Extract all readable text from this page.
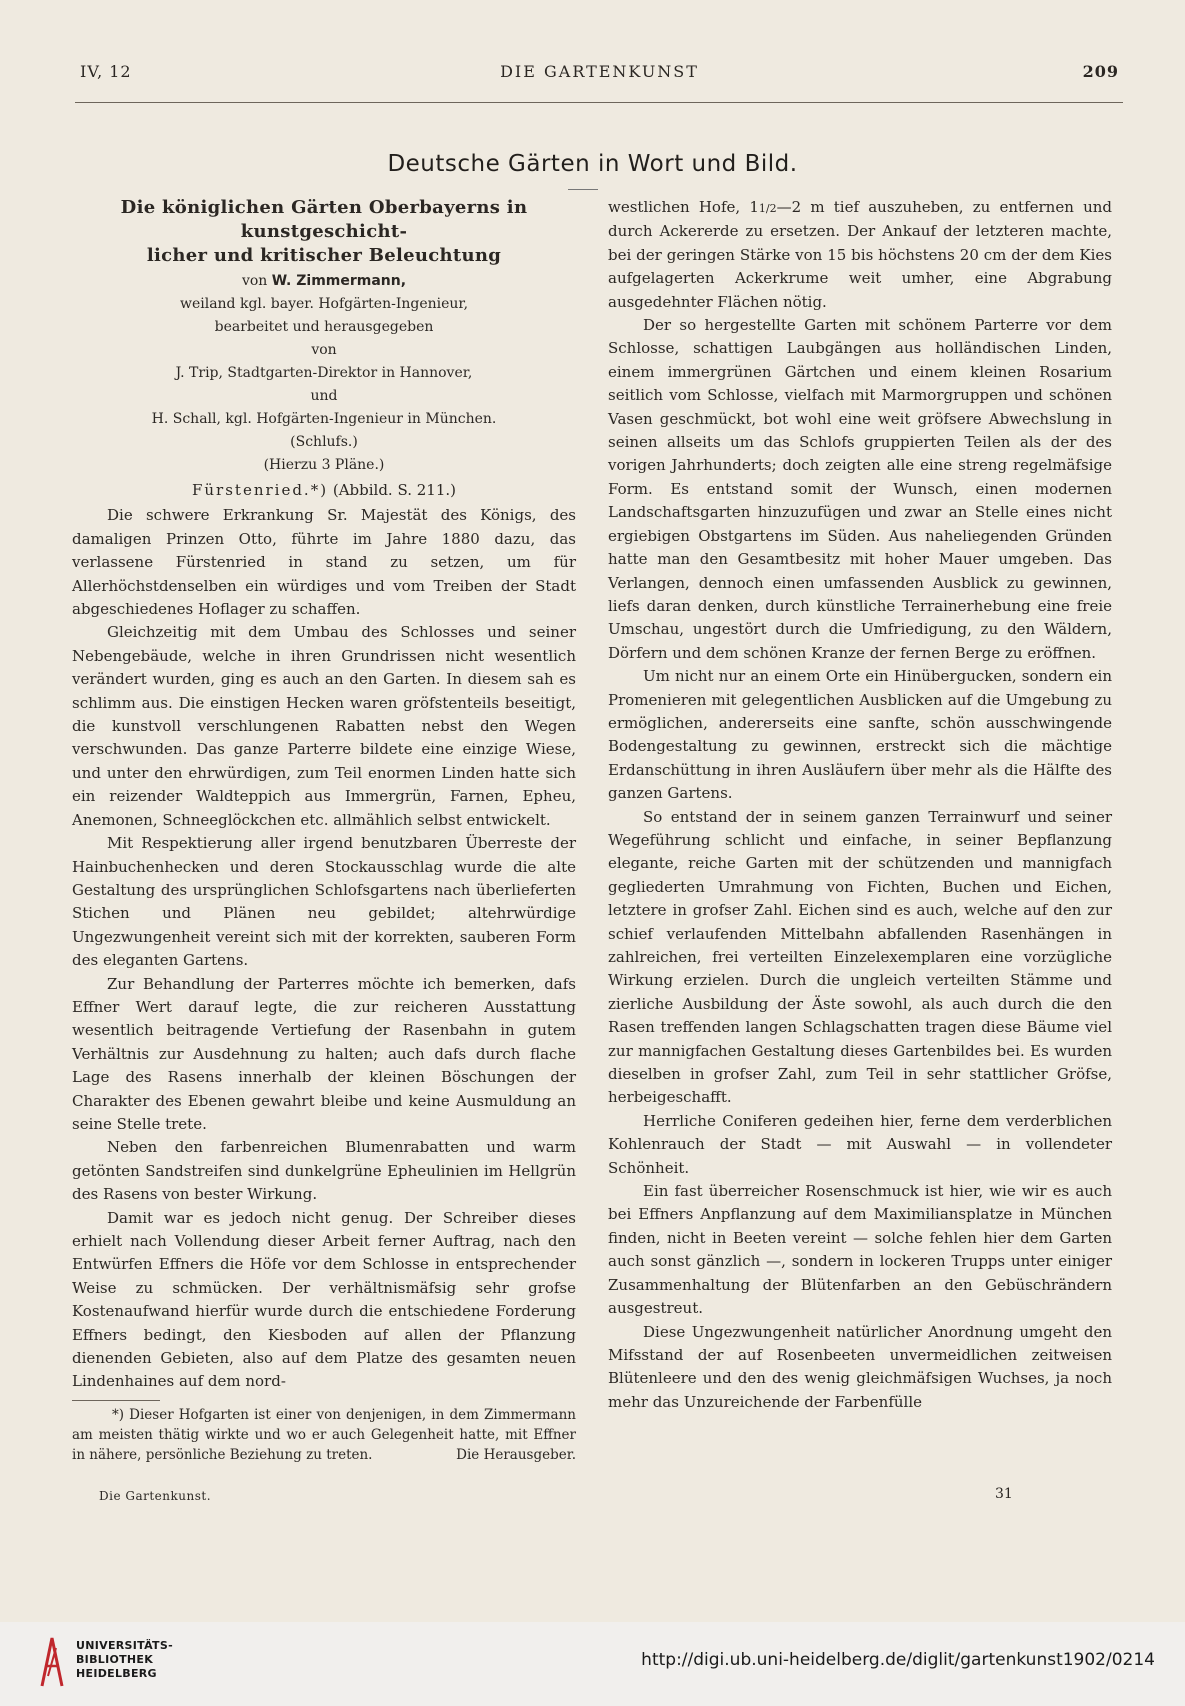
IV, 12	DIE GARTENKUNST	209
Deutsche Gärten in Wort und Bild.
Die königlichen Gärten Oberbayerns in kunstgeschicht-
licher und kritischer Beleuchtung
von W. Zimmermann,
weiland kgl. bayer. Hofgärten-Ingenieur,
bearbeitet und herausgegeben
von
J. Trip, Stadtgarten-Direktor in Hannover,
und
H. Schall, kgl. Hofgärten-Ingenieur in München.
(Schlufs.)
(Hierzu 3 Pläne.)
Fürstenried.*) (Abbild. S. 211.)

Die schwere Erkrankung Sr. Majestät des Königs, des damaligen Prinzen Otto, führte im Jahre 1880 dazu, das verlassene Fürstenried in stand zu setzen, um für Allerhöchstdenselben ein würdiges und vom Treiben der Stadt abgeschiedenes Hoflager zu schaffen.

Gleichzeitig mit dem Umbau des Schlosses und seiner Nebengebäude, welche in ihren Grundrissen nicht wesentlich verändert wurden, ging es auch an den Garten. In diesem sah es schlimm aus. Die einstigen Hecken waren gröfstenteils beseitigt, die kunstvoll verschlungenen Rabatten nebst den Wegen verschwunden. Das ganze Parterre bildete eine einzige Wiese, und unter den ehrwürdigen, zum Teil enormen Linden hatte sich ein reizender Waldteppich aus Immergrün, Farnen, Epheu, Anemonen, Schneeglöckchen etc. allmählich selbst entwickelt.

Mit Respektierung aller irgend benutzbaren Überreste der Hainbuchenhecken und deren Stockausschlag wurde die alte Gestaltung des ursprünglichen Schlofsgartens nach überlieferten Stichen und Plänen neu gebildet; altehrwürdige Ungezwungenheit vereint sich mit der korrekten, sauberen Form des eleganten Gartens.

Zur Behandlung der Parterres möchte ich bemerken, dafs Effner Wert darauf legte, die zur reicheren Ausstattung wesentlich beitragende Vertiefung der Rasenbahn in gutem Verhältnis zur Ausdehnung zu halten; auch dafs durch flache Lage des Rasens innerhalb der kleinen Böschungen der Charakter des Ebenen gewahrt bleibe und keine Ausmuldung an seine Stelle trete.

Neben den farbenreichen Blumenrabatten und warm getönten Sandstreifen sind dunkelgrüne Epheulinien im Hellgrün des Rasens von bester Wirkung.

Damit war es jedoch nicht genug. Der Schreiber dieses erhielt nach Vollendung dieser Arbeit ferner Auftrag, nach den Entwürfen Effners die Höfe vor dem Schlosse in entsprechender Weise zu schmücken. Der verhältnismäfsig sehr grofse Kostenaufwand hierfür wurde durch die entschiedene Forderung Effners bedingt, den Kiesboden auf allen der Pflanzung dienenden Gebieten, also auf dem Platze des gesamten neuen Lindenhaines auf dem nord-

*) Dieser Hofgarten ist einer von denjenigen, in dem Zimmermann am meisten thätig wirkte und wo er auch Gelegenheit hatte, mit Effner in nähere, persönliche Beziehung zu treten.	Die Herausgeber.

westlichen Hofe, 11/2—2 m tief auszuheben, zu entfernen und durch Ackererde zu ersetzen. Der Ankauf der letzteren machte, bei der geringen Stärke von 15 bis höchstens 20 cm der dem Kies aufgelagerten Ackerkrume weit umher, eine Abgrabung ausgedehnter Flächen nötig.

Der so hergestellte Garten mit schönem Parterre vor dem Schlosse, schattigen Laubgängen aus holländischen Linden, einem immergrünen Gärtchen und einem kleinen Rosarium seitlich vom Schlosse, vielfach mit Marmorgruppen und schönen Vasen geschmückt, bot wohl eine weit gröfsere Abwechslung in seinen allseits um das Schlofs gruppierten Teilen als der des vorigen Jahrhunderts; doch zeigten alle eine streng regelmäfsige Form. Es entstand somit der Wunsch, einen modernen Landschaftsgarten hinzuzufügen und zwar an Stelle eines nicht ergiebigen Obstgartens im Süden. Aus naheliegenden Gründen hatte man den Gesamtbesitz mit hoher Mauer umgeben. Das Verlangen, dennoch einen umfassenden Ausblick zu gewinnen, liefs daran denken, durch künstliche Terrainerhebung eine freie Umschau, ungestört durch die Umfriedigung, zu den Wäldern, Dörfern und dem schönen Kranze der fernen Berge zu eröffnen.

Um nicht nur an einem Orte ein Hinübergucken, sondern ein Promenieren mit gelegentlichen Ausblicken auf die Umgebung zu ermöglichen, andererseits eine sanfte, schön ausschwingende Bodengestaltung zu gewinnen, erstreckt sich die mächtige Erdanschüttung in ihren Ausläufern über mehr als die Hälfte des ganzen Gartens.

So entstand der in seinem ganzen Terrainwurf und seiner Wegeführung schlicht und einfache, in seiner Bepflanzung elegante, reiche Garten mit der schützenden und mannigfach gegliederten Umrahmung von Fichten, Buchen und Eichen, letztere in grofser Zahl. Eichen sind es auch, welche auf den zur schief verlaufenden Mittelbahn abfallenden Rasenhängen in zahlreichen, frei verteilten Einzelexemplaren eine vorzügliche Wirkung erzielen. Durch die ungleich verteilten Stämme und zierliche Ausbildung der Äste sowohl, als auch durch die den Rasen treffenden langen Schlagschatten tragen diese Bäume viel zur mannigfachen Gestaltung dieses Gartenbildes bei. Es wurden dieselben in grofser Zahl, zum Teil in sehr stattlicher Gröfse, herbeigeschafft.

Herrliche Coniferen gedeihen hier, ferne dem verderblichen Kohlenrauch der Stadt — mit Auswahl — in vollendeter Schönheit.

Ein fast überreicher Rosenschmuck ist hier, wie wir es auch bei Effners Anpflanzung auf dem Maximiliansplatze in München finden, nicht in Beeten vereint — solche fehlen hier dem Garten auch sonst gänzlich —, sondern in lockeren Trupps unter einiger Zusammenhaltung der Blütenfarben an den Gebüschrändern ausgestreut.

Diese Ungezwungenheit natürlicher Anordnung umgeht den Mifsstand der auf Rosenbeeten unvermeidlichen zeitweisen Blütenleere und den des wenig gleichmäfsigen Wuchses, ja noch mehr das Unzureichende der Farbenfülle

Die Gartenkunst.	31
UNIVERSITÄTS-
BIBLIOTHEK
HEIDELBERG
http://digi.ub.uni-heidelberg.de/diglit/gartenkunst1902/0214
